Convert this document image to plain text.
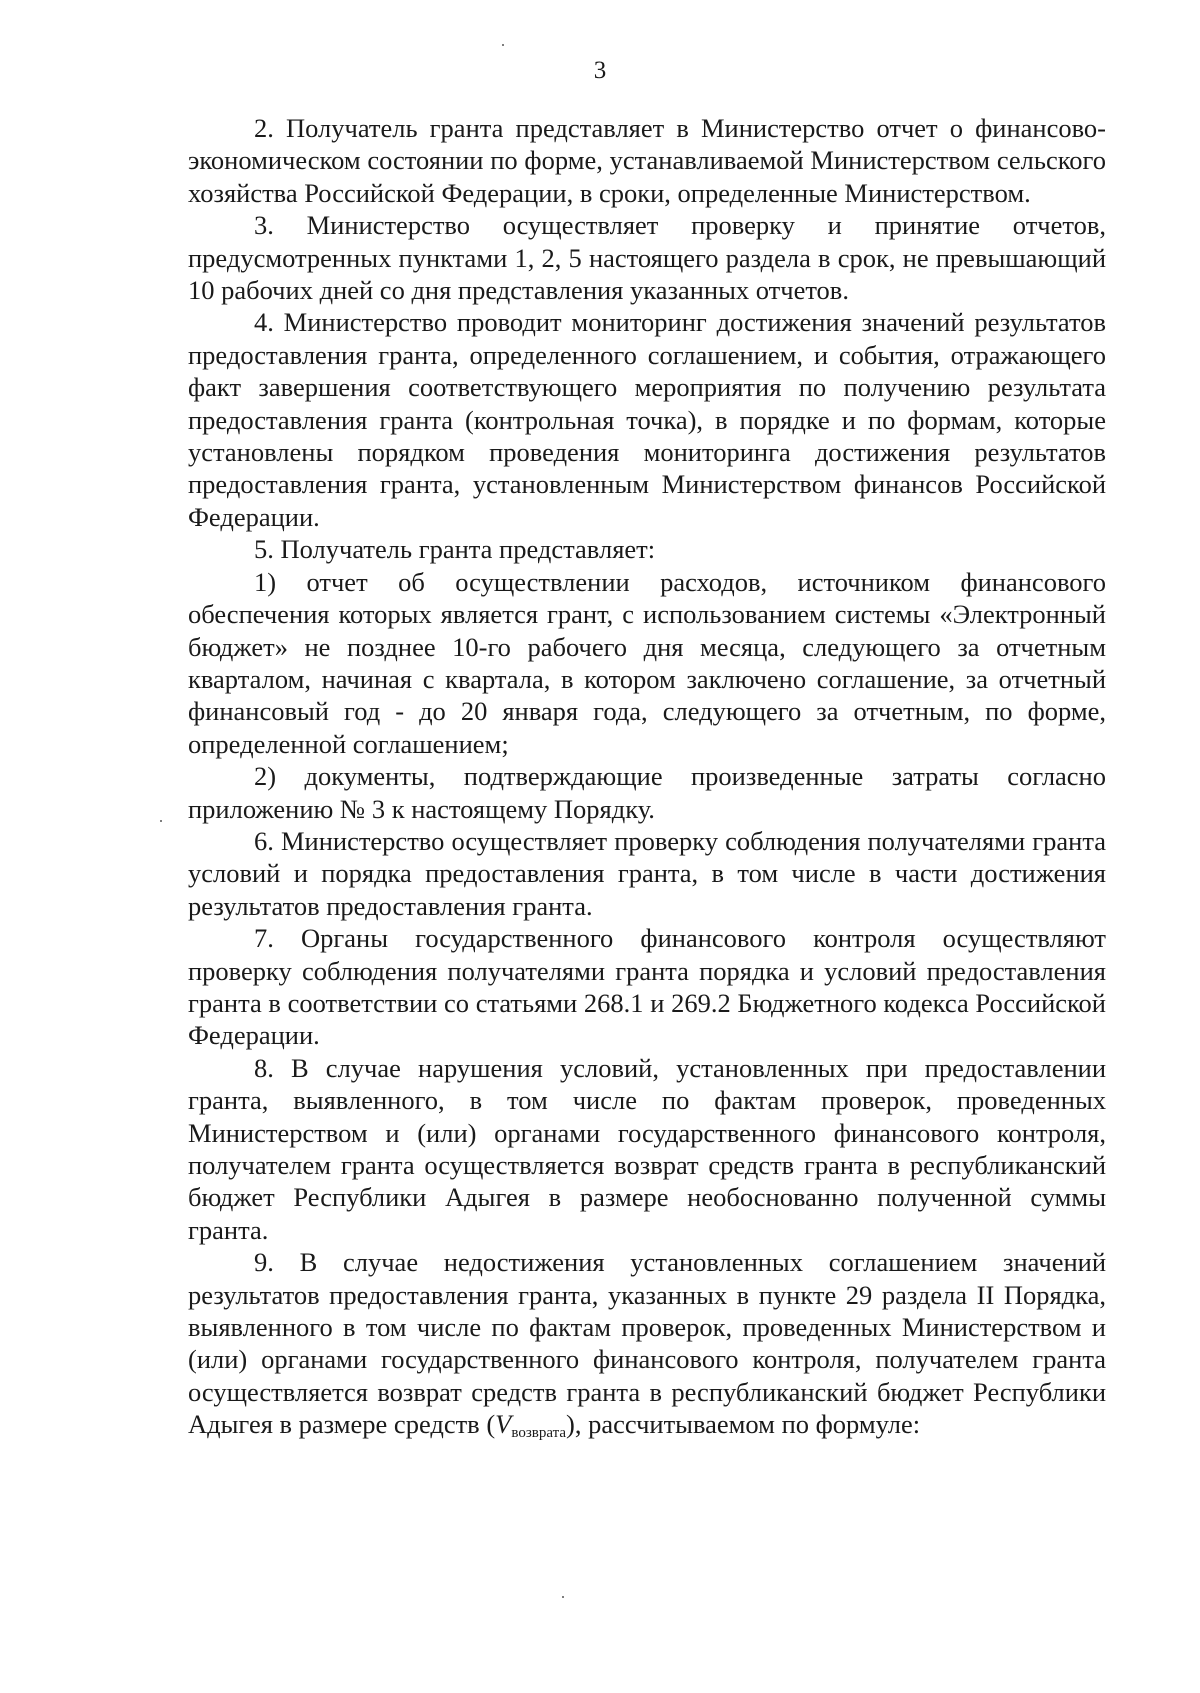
3

2. Получатель гранта представляет в Министерство отчет о финансово-экономическом состоянии по форме, устанавливаемой Министерством сельского хозяйства Российской Федерации, в сроки, определенные Министерством.

3. Министерство осуществляет проверку и принятие отчетов, предусмотренных пунктами 1, 2, 5 настоящего раздела в срок, не превышающий 10 рабочих дней со дня представления указанных отчетов.

4. Министерство проводит мониторинг достижения значений результатов предоставления гранта, определенного соглашением, и события, отражающего факт завершения соответствующего мероприятия по получению результата предоставления гранта (контрольная точка), в порядке и по формам, которые установлены порядком проведения мониторинга достижения результатов предоставления гранта, установленным Министерством финансов Российской Федерации.

5. Получатель гранта представляет:

1) отчет об осуществлении расходов, источником финансового обеспечения которых является грант, с использованием системы «Электронный бюджет» не позднее 10-го рабочего дня месяца, следующего за отчетным кварталом, начиная с квартала, в котором заключено соглашение, за отчетный финансовый год - до 20 января года, следующего за отчетным, по форме, определенной соглашением;

2) документы, подтверждающие произведенные затраты согласно приложению № 3 к настоящему Порядку.

6. Министерство осуществляет проверку соблюдения получателями гранта условий и порядка предоставления гранта, в том числе в части достижения результатов предоставления гранта.

7. Органы государственного финансового контроля осуществляют проверку соблюдения получателями гранта порядка и условий предоставления гранта в соответствии со статьями 268.1 и 269.2 Бюджетного кодекса Российской Федерации.

8. В случае нарушения условий, установленных при предоставлении гранта, выявленного, в том числе по фактам проверок, проведенных Министерством и (или) органами государственного финансового контроля, получателем гранта осуществляется возврат средств гранта в республиканский бюджет Республики Адыгея в размере необоснованно полученной суммы гранта.

9. В случае недостижения установленных соглашением значений результатов предоставления гранта, указанных в пункте 29 раздела II Порядка, выявленного в том числе по фактам проверок, проведенных Министерством и (или) органами государственного финансового контроля, получателем гранта осуществляется возврат средств гранта в республиканский бюджет Республики Адыгея в размере средств $(V_{возврата})$, рассчитываемом по формуле:
